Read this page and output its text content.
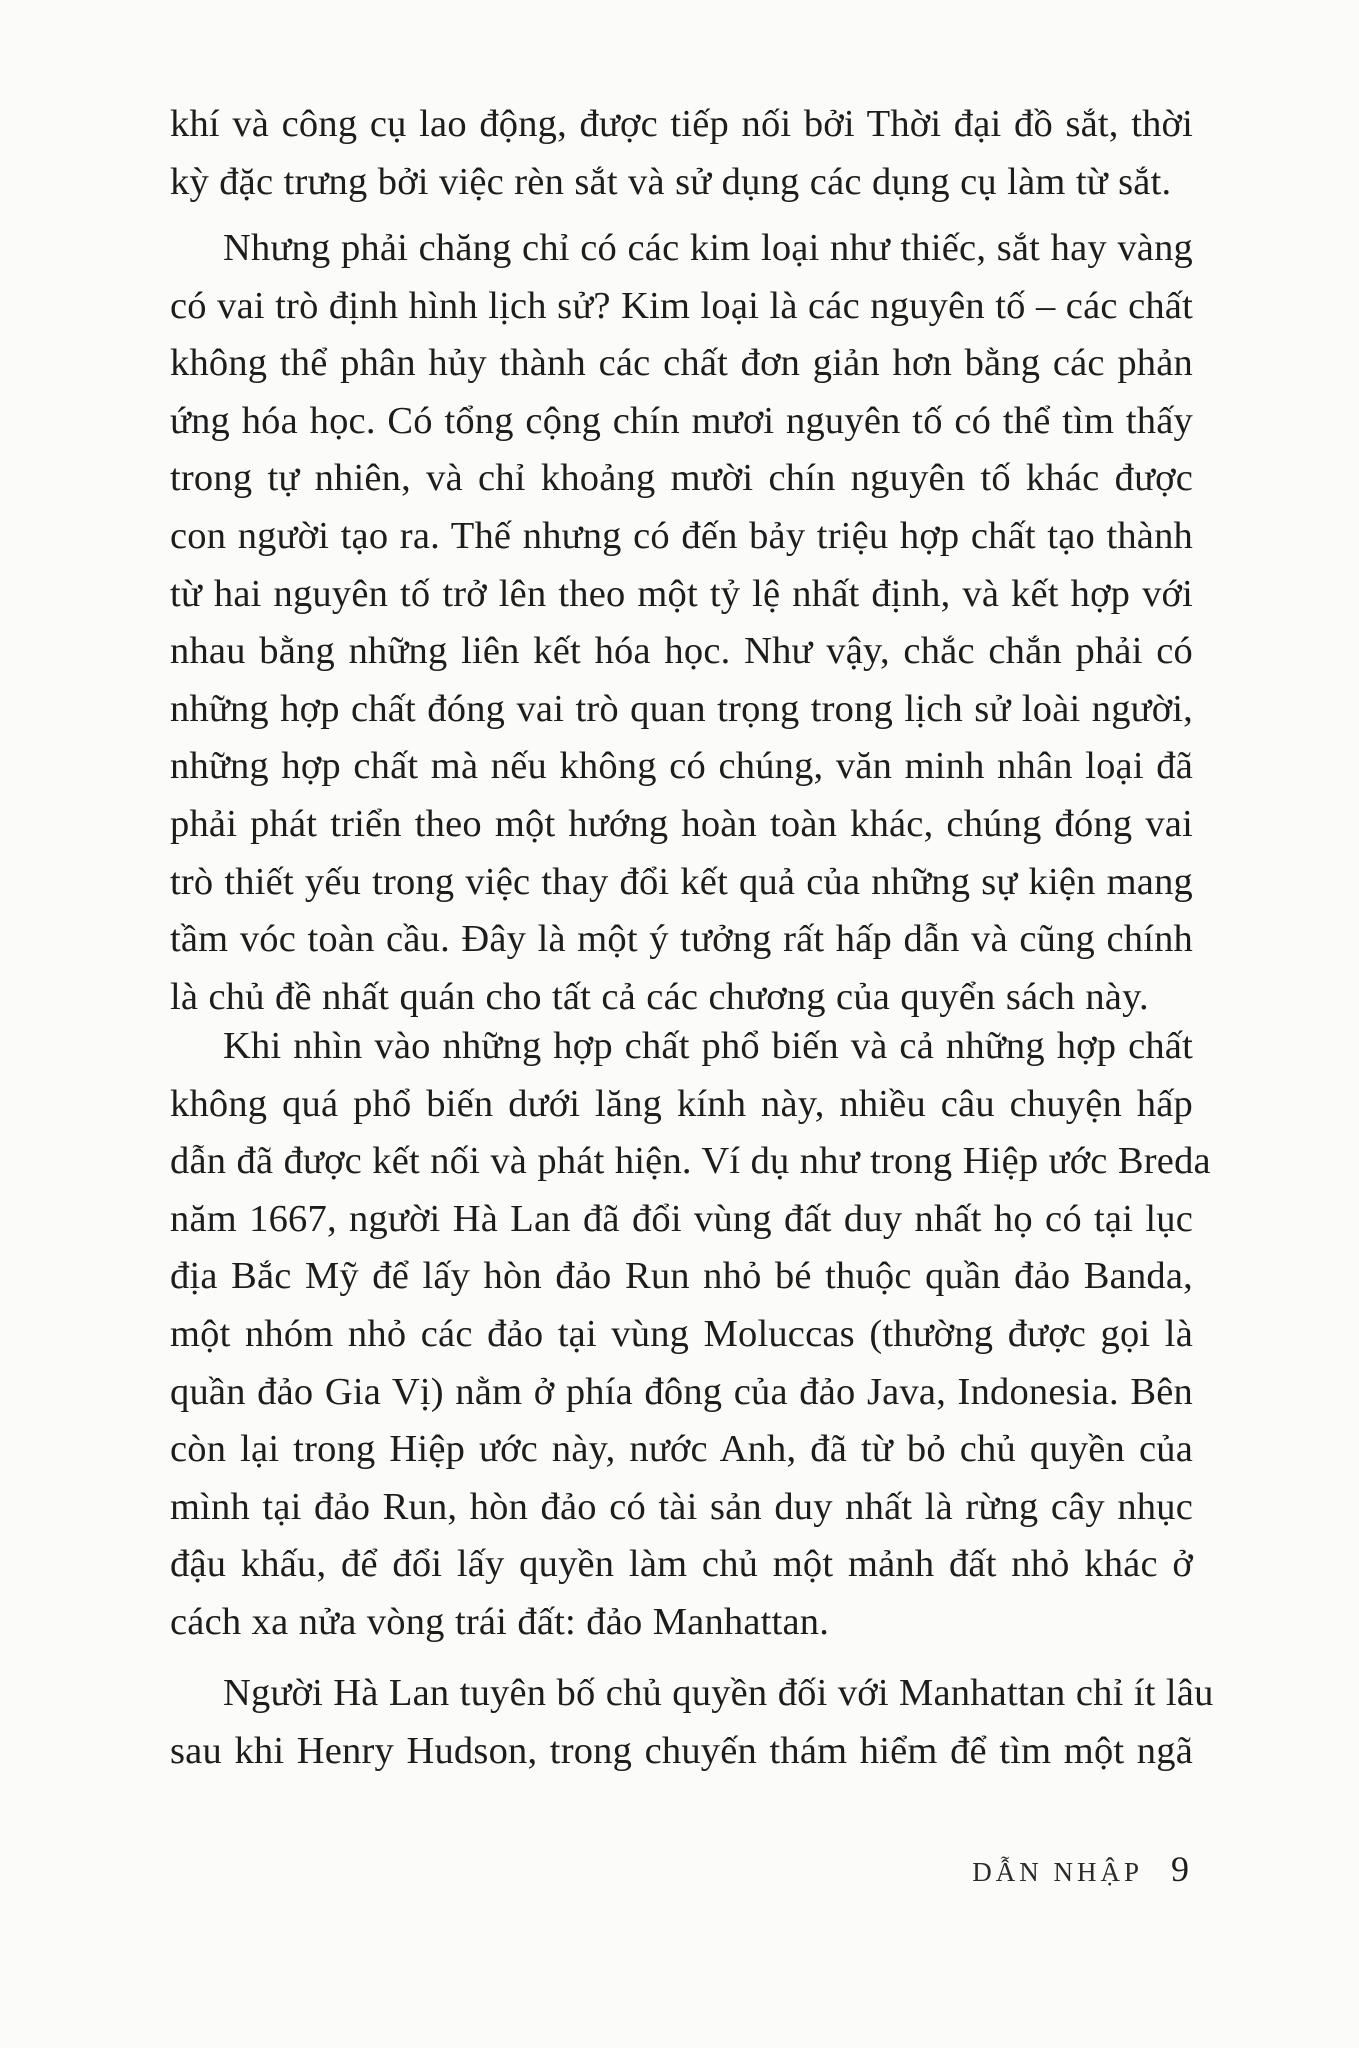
khí và công cụ lao động, được tiếp nối bởi Thời đại đồ sắt, thời
kỳ đặc trưng bởi việc rèn sắt và sử dụng các dụng cụ làm từ sắt.
Nhưng phải chăng chỉ có các kim loại như thiếc, sắt hay vàng
có vai trò định hình lịch sử? Kim loại là các nguyên tố – các chất
không thể phân hủy thành các chất đơn giản hơn bằng các phản
ứng hóa học. Có tổng cộng chín mươi nguyên tố có thể tìm thấy
trong tự nhiên, và chỉ khoảng mười chín nguyên tố khác được
con người tạo ra. Thế nhưng có đến bảy triệu hợp chất tạo thành
từ hai nguyên tố trở lên theo một tỷ lệ nhất định, và kết hợp với
nhau bằng những liên kết hóa học. Như vậy, chắc chắn phải có
những hợp chất đóng vai trò quan trọng trong lịch sử loài người,
những hợp chất mà nếu không có chúng, văn minh nhân loại đã
phải phát triển theo một hướng hoàn toàn khác, chúng đóng vai
trò thiết yếu trong việc thay đổi kết quả của những sự kiện mang
tầm vóc toàn cầu. Đây là một ý tưởng rất hấp dẫn và cũng chính
là chủ đề nhất quán cho tất cả các chương của quyển sách này.
Khi nhìn vào những hợp chất phổ biến và cả những hợp chất
không quá phổ biến dưới lăng kính này, nhiều câu chuyện hấp
dẫn đã được kết nối và phát hiện. Ví dụ như trong Hiệp ước Breda
năm 1667, người Hà Lan đã đổi vùng đất duy nhất họ có tại lục
địa Bắc Mỹ để lấy hòn đảo Run nhỏ bé thuộc quần đảo Banda,
một nhóm nhỏ các đảo tại vùng Moluccas (thường được gọi là
quần đảo Gia Vị) nằm ở phía đông của đảo Java, Indonesia. Bên
còn lại trong Hiệp ước này, nước Anh, đã từ bỏ chủ quyền của
mình tại đảo Run, hòn đảo có tài sản duy nhất là rừng cây nhục
đậu khấu, để đổi lấy quyền làm chủ một mảnh đất nhỏ khác ở
cách xa nửa vòng trái đất: đảo Manhattan.
Người Hà Lan tuyên bố chủ quyền đối với Manhattan chỉ ít lâu
sau khi Henry Hudson, trong chuyến thám hiểm để tìm một ngã
DẪN NHẬP 9
